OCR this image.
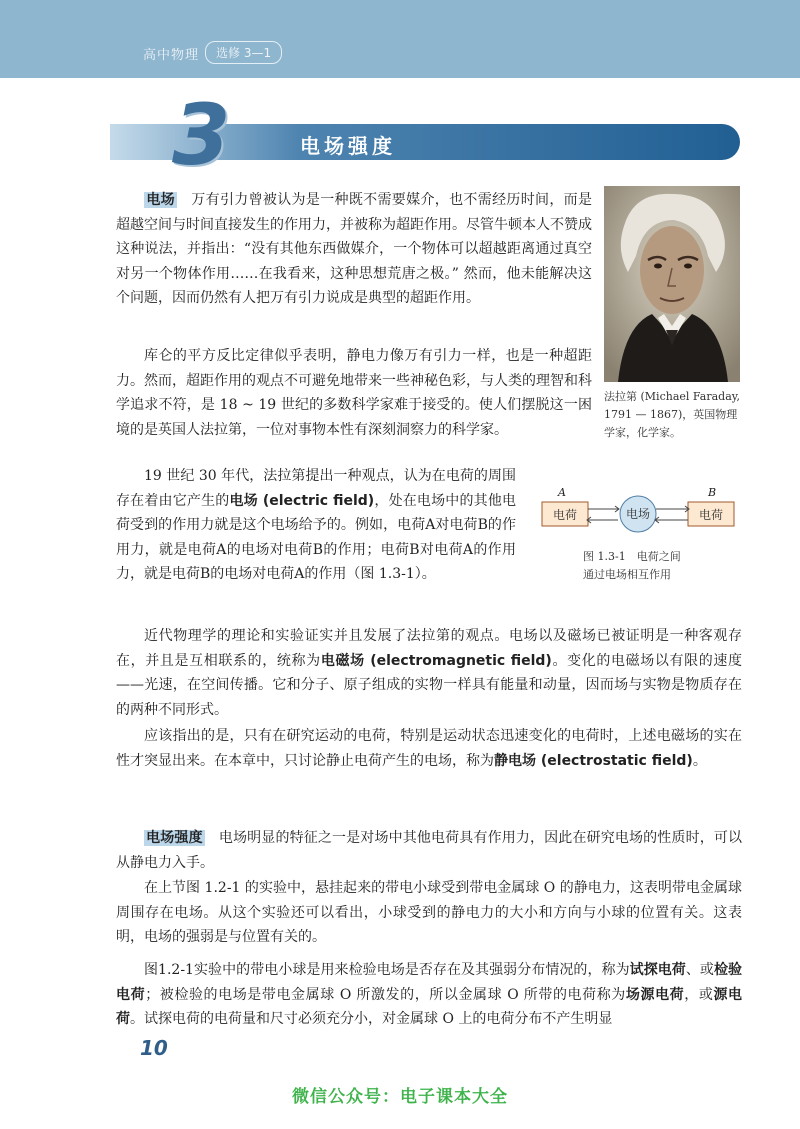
高中物理	选修 3—1
电场强度
3
电场　 万有引力曾被认为是一种既不需要媒介，也不需经历时间，而是超越空间与时间直接发生的作用力，并被称为超距作用。尽管牛顿本人不赞成这种说法，并指出：“没有其他东西做媒介，一个物体可以超越距离通过真空对另一个物体作用……在我看来，这种思想荒唐之极。” 然而，他未能解决这个问题，因而仍然有人把万有引力说成是典型的超距作用。
库仑的平方反比定律似乎表明，静电力像万有引力一样，也是一种超距力。然而，超距作用的观点不可避免地带来一些神秘色彩，与人类的理智和科学追求不符，是 18 ~ 19 世纪的多数科学家难于接受的。使人们摆脱这一困境的是英国人法拉第，一位对事物本性有深刻洞察力的科学家。
19 世纪 30 年代，法拉第提出一种观点，认为在电荷的周围存在着由它产生的电场 (electric field)，处在电场中的其他电荷受到的作用力就是这个电场给予的。例如，电荷A对电荷B的作用力，就是电荷A的电场对电荷B的作用；电荷B对电荷A的作用力，就是电荷B的电场对电荷A的作用（图 1.3-1）。
近代物理学的理论和实验证实并且发展了法拉第的观点。电场以及磁场已被证明是一种客观存在，并且是互相联系的，统称为电磁场 (electromagnetic field)。变化的电磁场以有限的速度——光速，在空间传播。它和分子、原子组成的实物一样具有能量和动量，因而场与实物是物质存在的两种不同形式。
应该指出的是，只有在研究运动的电荷，特别是运动状态迅速变化的电荷时，上述电磁场的实在性才突显出来。在本章中，只讨论静止电荷产生的电场，称为静电场 (electrostatic field)。
电场强度　 电场明显的特征之一是对场中其他电荷具有作用力，因此在研究电场的性质时，可以从静电力入手。
在上节图 1.2-1 的实验中，悬挂起来的带电小球受到带电金属球 O 的静电力，这表明带电金属球周围存在电场。从这个实验还可以看出，小球受到的静电力的大小和方向与小球的位置有关。这表明，电场的强弱是与位置有关的。
图1.2-1实验中的带电小球是用来检验电场是否存在及其强弱分布情况的，称为试探电荷、或检验电荷；被检验的电场是带电金属球 O 所激发的，所以金属球 O 所带的电荷称为场源电荷，或源电荷。试探电荷的电荷量和尺寸必须充分小，对金属球 O 上的电荷分布不产生明显
法拉第 (Michael Faraday,
1791 — 1867)，英国物理
学家，化学家。
A	B
电荷	电场	电荷
图 1.3-1　电荷之间
通过电场相互作用
10
微信公众号：电子课本大全
